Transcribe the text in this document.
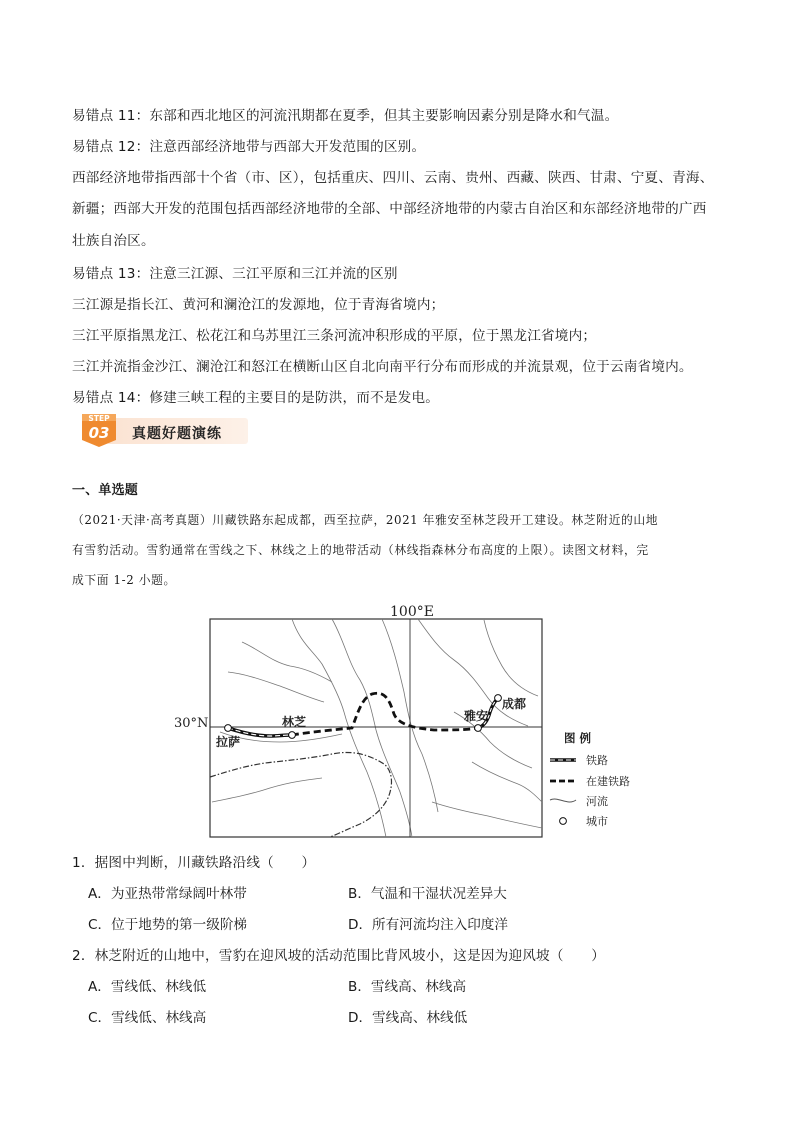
易错点 11：东部和西北地区的河流汛期都在夏季，但其主要影响因素分别是降水和气温。
易错点 12：注意西部经济地带与西部大开发范围的区别。
西部经济地带指西部十个省（市、区），包括重庆、四川、云南、贵州、西藏、陕西、甘肃、宁夏、青海、
新疆；西部大开发的范围包括西部经济地带的全部、中部经济地带的内蒙古自治区和东部经济地带的广西
壮族自治区。
易错点 13：注意三江源、三江平原和三江并流的区别
三江源是指长江、黄河和澜沧江的发源地，位于青海省境内；
三江平原指黑龙江、松花江和乌苏里江三条河流冲积形成的平原，位于黑龙江省境内；
三江并流指金沙江、澜沧江和怒江在横断山区自北向南平行分布而形成的并流景观，位于云南省境内。
易错点 14：修建三峡工程的主要目的是防洪，而不是发电。
STEP
03 真题好题演练
一、单选题
（2021·天津·高考真题）川藏铁路东起成都，西至拉萨，2021 年雅安至林芝段开工建设。林芝附近的山地
有雪豹活动。雪豹通常在雪线之下、林线之上的地带活动（林线指森林分布高度的上限）。读图文材料，完
成下面 1-2 小题。
100°E
30°N
拉萨
林芝	雅安
成都
图 例
铁路
在建铁路
河流
城市
1．据图中判断，川藏铁路沿线（　　）
A．为亚热带常绿阔叶林带	B．气温和干湿状况差异大
C．位于地势的第一级阶梯	D．所有河流均注入印度洋
2．林芝附近的山地中，雪豹在迎风坡的活动范围比背风坡小，这是因为迎风坡（　　）
A．雪线低、林线低	B．雪线高、林线高
C．雪线低、林线高	D．雪线高、林线低
